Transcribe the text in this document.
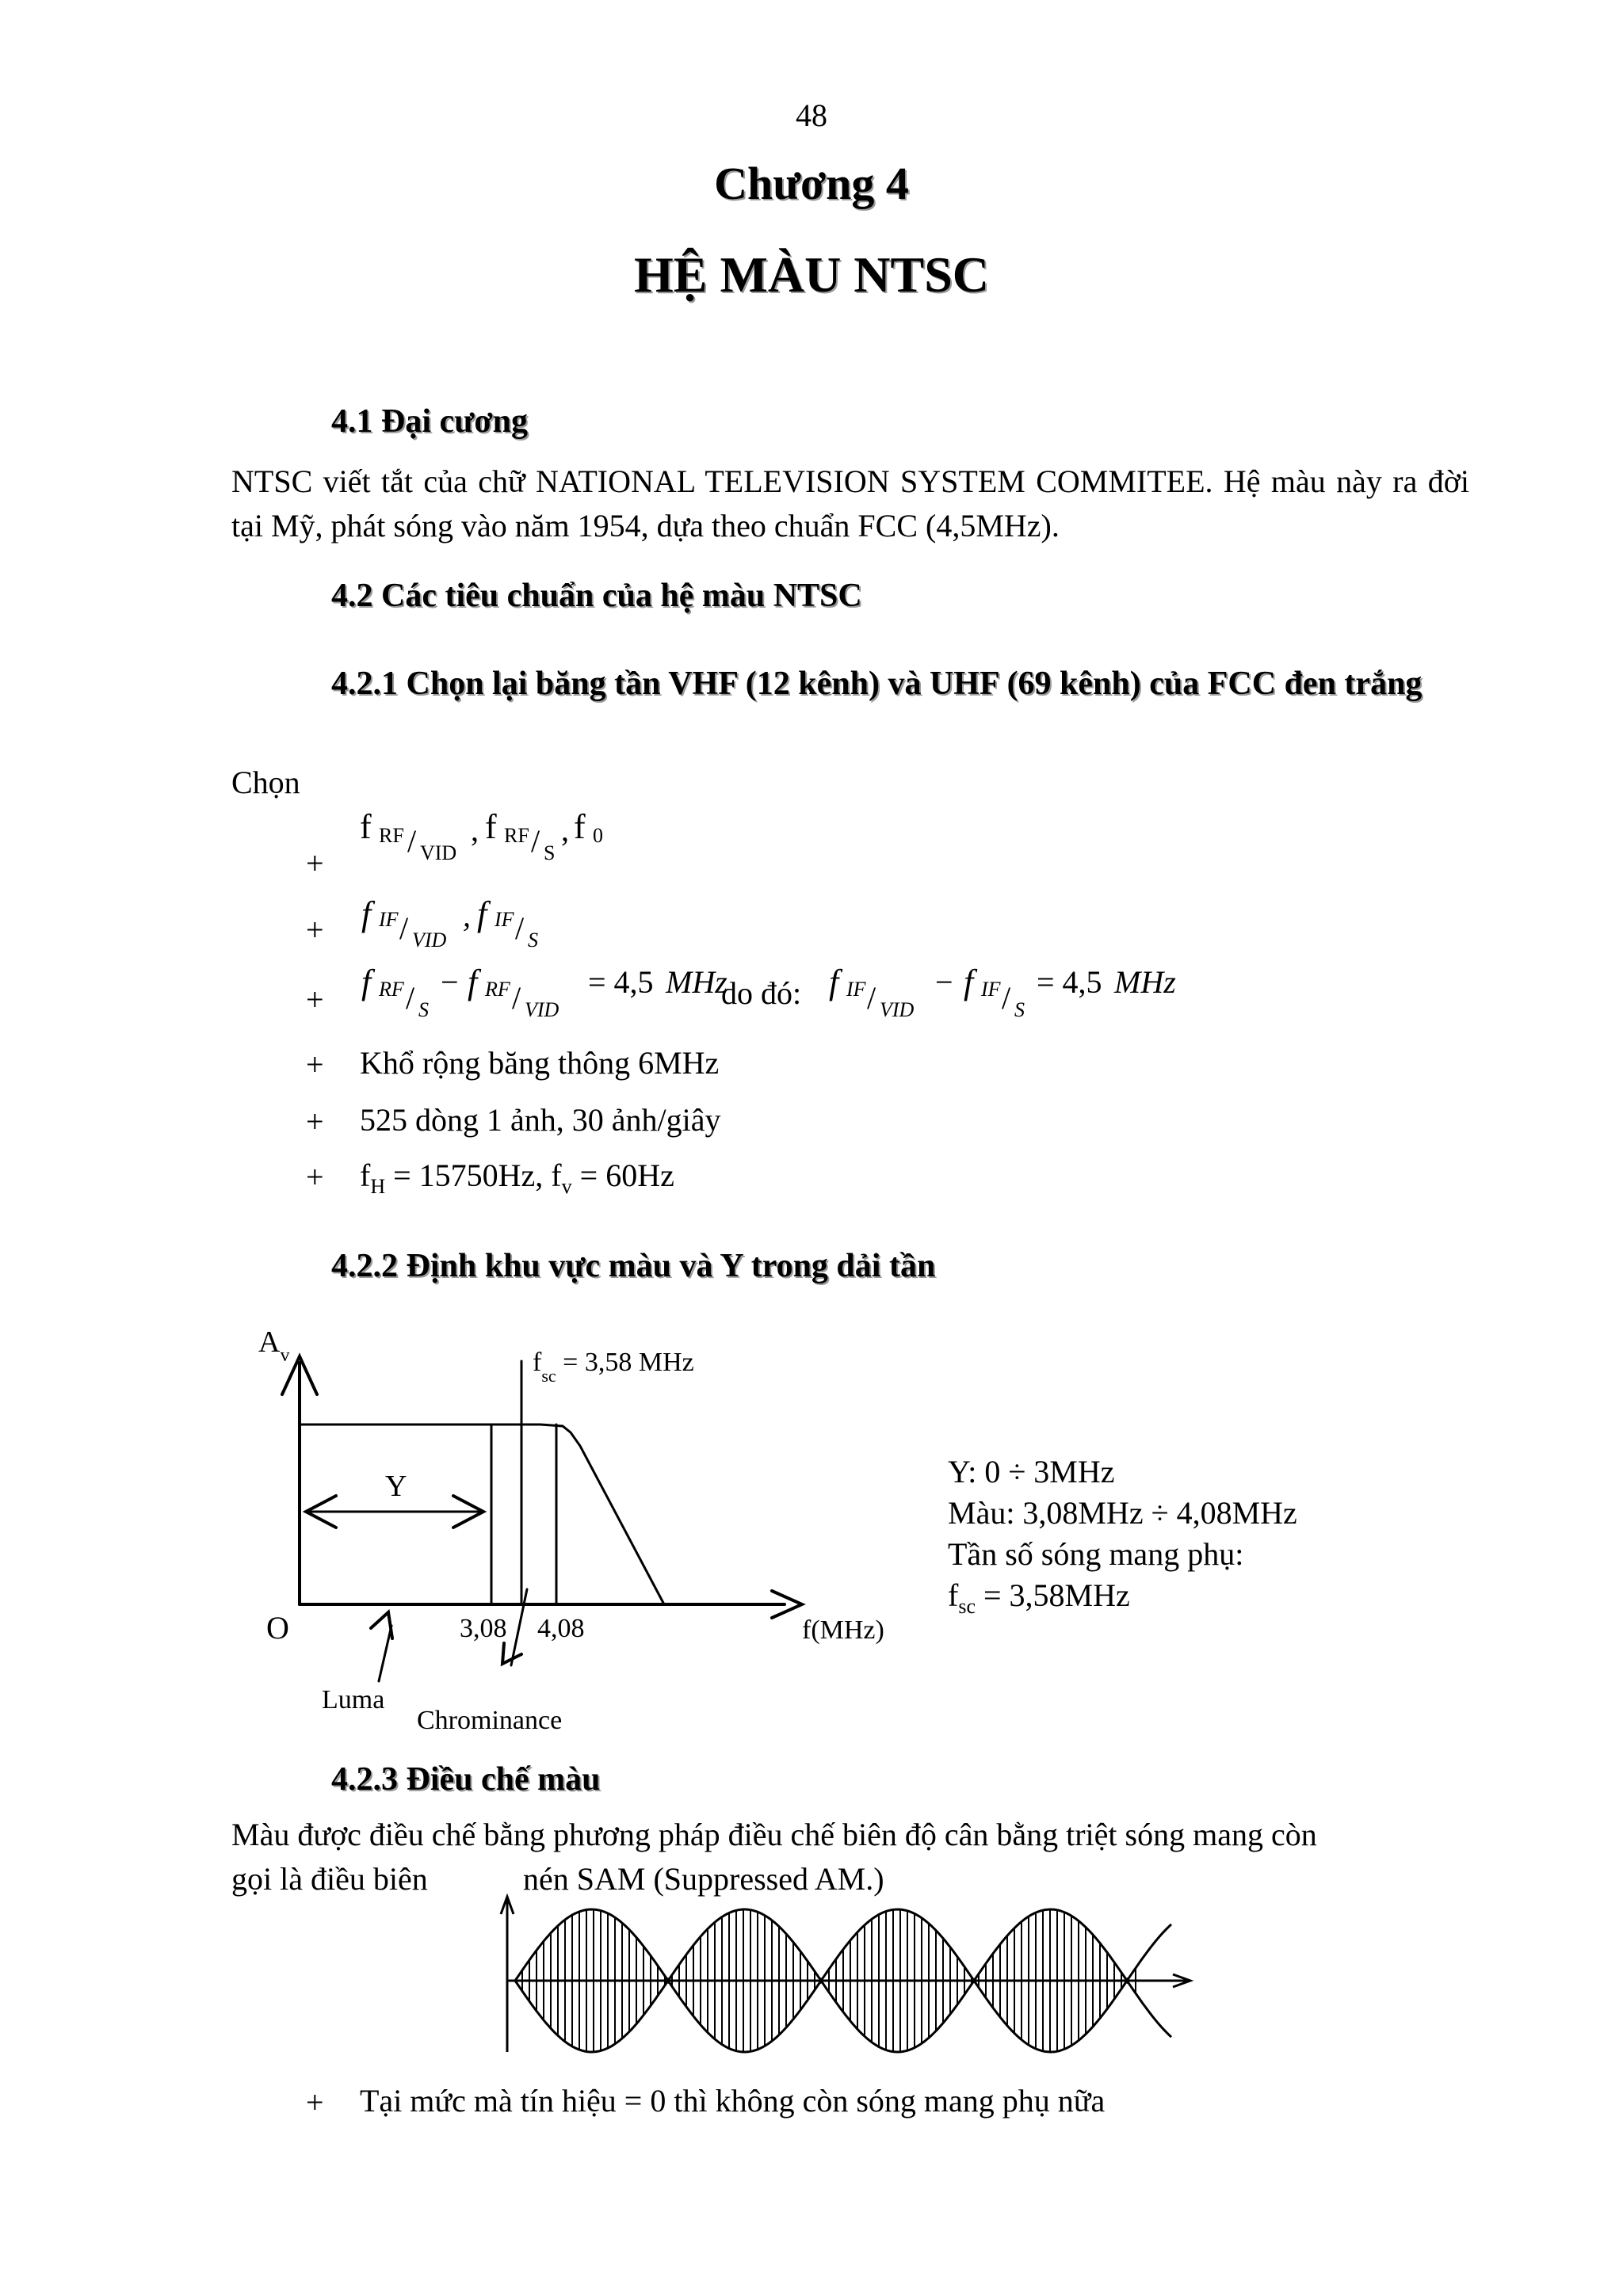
48
Chương 4
HỆ MÀU NTSC
4.1 Đại cương
NTSC viết tắt của chữ NATIONAL TELEVISION SYSTEM COMMITEE. Hệ màu này ra đời tại Mỹ, phát sóng vào năm 1954, dựa theo chuẩn FCC (4,5MHz).
4.2 Các tiêu chuẩn của hệ màu NTSC
4.2.1 Chọn lại băng tần VHF (12 kênh) và UHF (69 kênh) của FCC đen trắng
Chọn
+
f RF / VID
, f RF / S
, f 0
+ f IF / VID
, f IF / S
+ f RF / S
− f RF / VID
= 4,5 MHz
do đó: f IF / VID
− f IF / S
= 4,5 MHz
+ Khổ rộng băng thông 6MHz
+ 525 dòng 1 ảnh, 30 ảnh/giây
+ $f_H = 15750Hz$, $f_v = 60Hz$
4.2.2 Định khu vực màu và Y trong dải tần
$A_v$
O
$f_{sc} = 3,58$ MHz
Y
3,08 4,08	f(MHz)
Luma
Chrominance
Y: 0 ÷ 3MHz
Màu: 3,08MHz ÷ 4,08MHz
Tần số sóng mang phụ:
$f_{sc} = 3,58MHz$
4.2.3 Điều chế màu
Màu được điều chế bằng phương pháp điều chế biên độ cân bằng triệt sóng mang còn
gọi là điều biên	nén SAM (Suppressed AM.)
+ Tại mức mà tín hiệu = 0 thì không còn sóng mang phụ nữa
